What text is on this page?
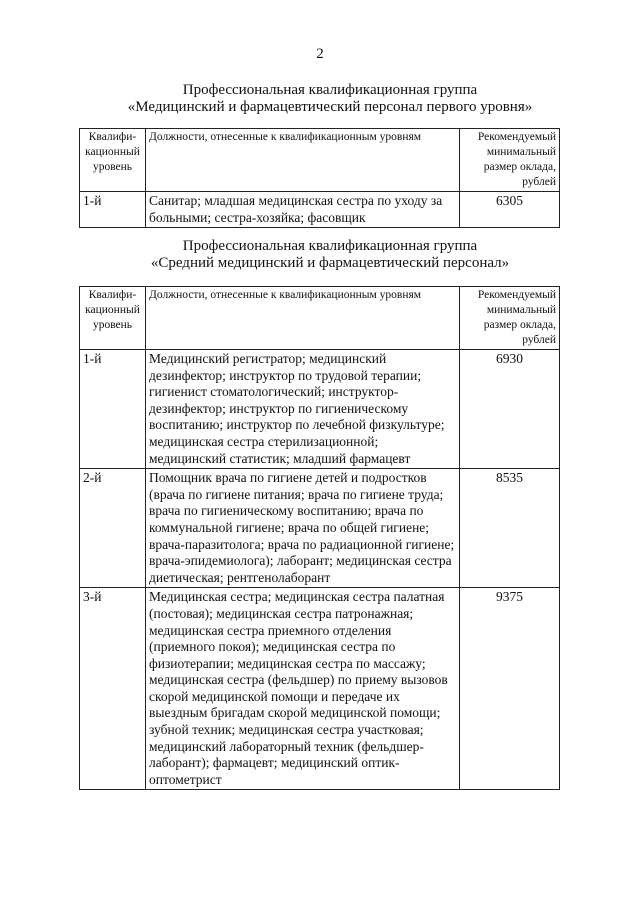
2
Профессиональная квалификационная группа
«Медицинский и фармацевтический персонал первого уровня»
Квалифи-кационный уровень	Должности, отнесенные к квалификационным уровням	Рекомендуемый минимальный размер оклада, рублей
1-й	Санитар; младшая медицинская сестра по уходу за больными; сестра-хозяйка; фасовщик	6305
Профессиональная квалификационная группа
«Средний медицинский и фармацевтический персонал»
Квалифи-кационный уровень	Должности, отнесенные к квалификационным уровням	Рекомендуемый минимальный размер оклада, рублей
1-й	Медицинский регистратор; медицинский дезинфектор; инструктор по трудовой терапии; гигиенист стоматологический; инструктор-дезинфектор; инструктор по гигиеническому воспитанию; инструктор по лечебной физкультуре; медицинская сестра стерилизационной; медицинский статистик; младший фармацевт	6930
2-й	Помощник врача по гигиене детей и подростков (врача по гигиене питания; врача по гигиене труда; врача по гигиеническому воспитанию; врача по коммунальной гигиене; врача по общей гигиене; врача-паразитолога; врача по радиационной гигиене; врача-эпидемиолога); лаборант; медицинская сестра диетическая; рентгенолаборант	8535
3-й	Медицинская сестра; медицинская сестра палатная (постовая); медицинская сестра патронажная; медицинская сестра приемного отделения (приемного покоя); медицинская сестра по физиотерапии; медицинская сестра по массажу; медицинская сестра (фельдшер) по приему вызовов скорой медицинской помощи и передаче их выездным бригадам скорой медицинской помощи; зубной техник; медицинская сестра участковая; медицинский лабораторный техник (фельдшер-лаборант); фармацевт; медицинский оптик-оптометрист	9375
